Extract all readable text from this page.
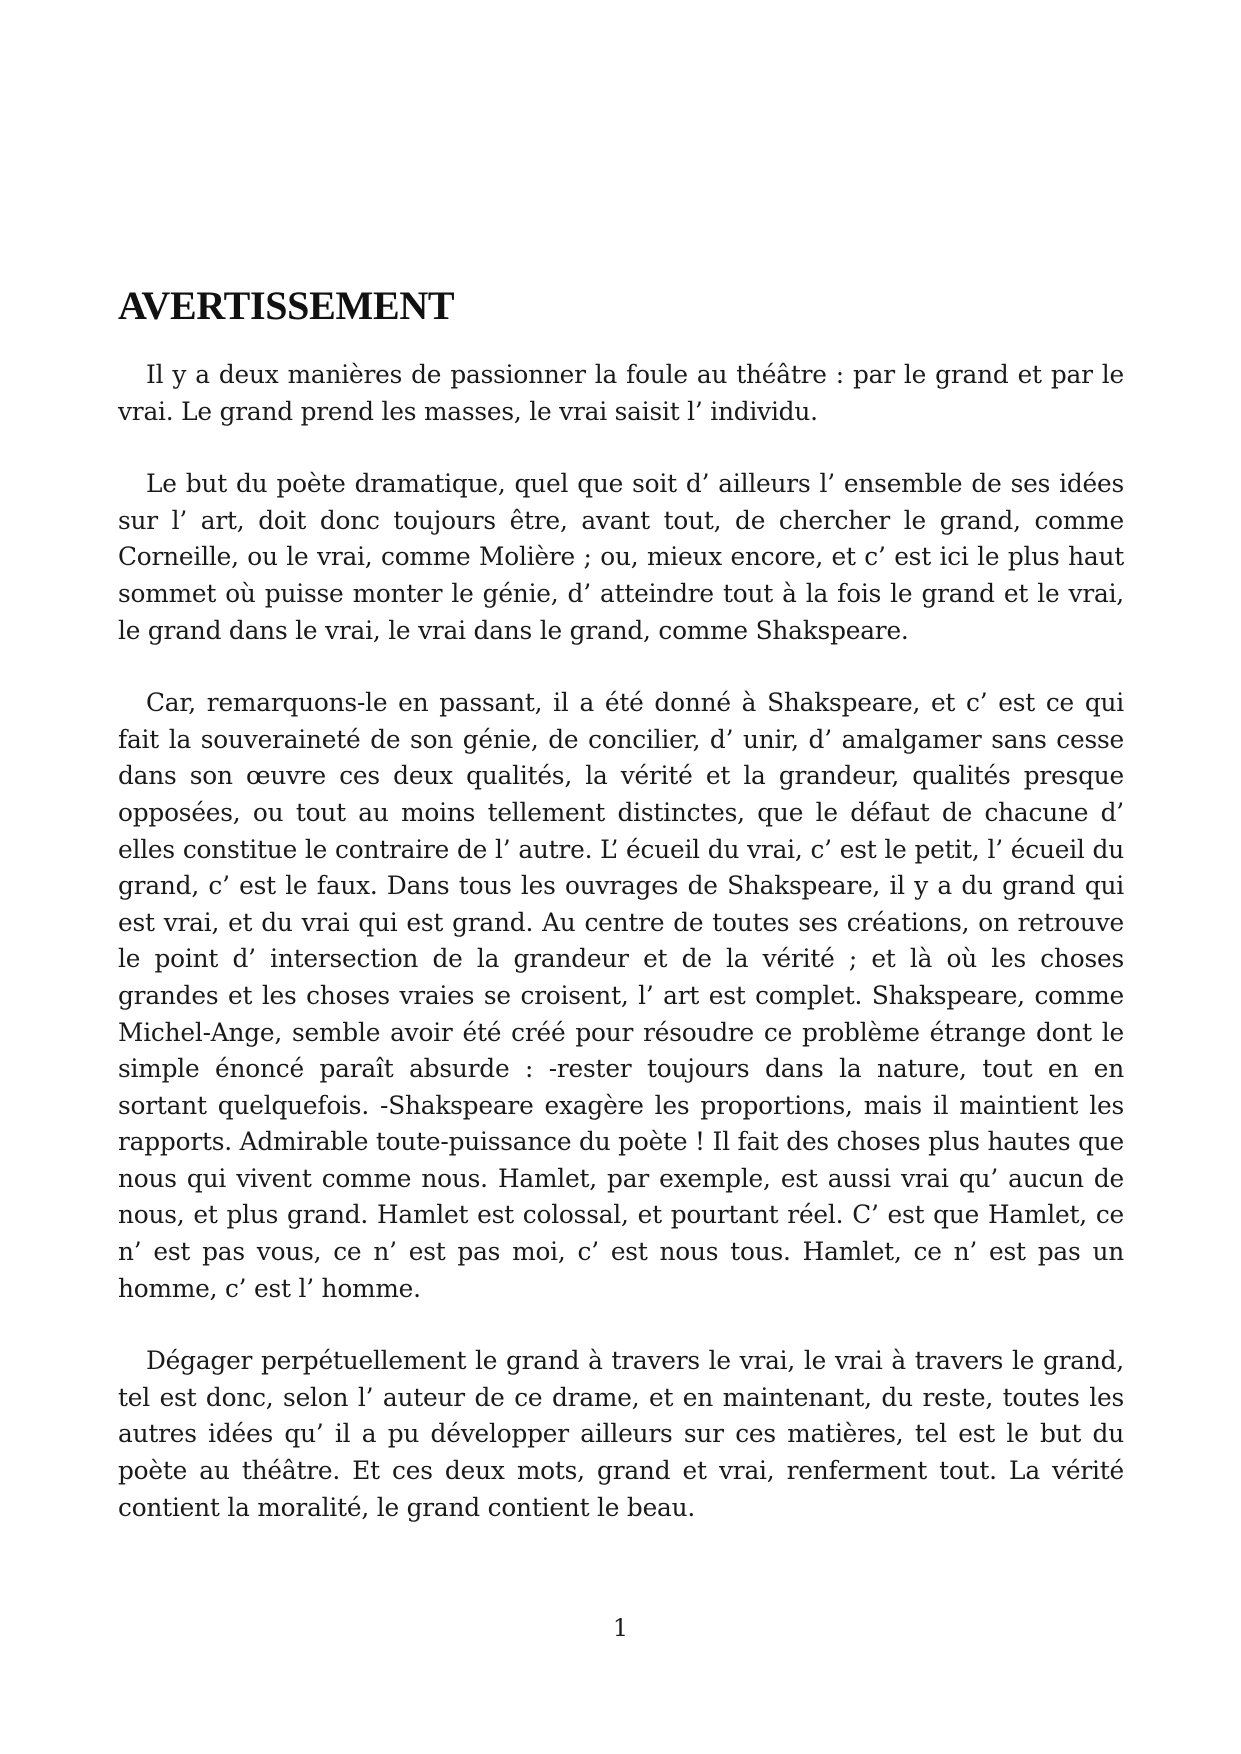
AVERTISSEMENT

Il y a deux manières de passionner la foule au théâtre : par le grand et par le vrai. Le grand prend les masses, le vrai saisit l’ individu.

Le but du poète dramatique, quel que soit d’ ailleurs l’ ensemble de ses idées sur l’ art, doit donc toujours être, avant tout, de chercher le grand, comme Corneille, ou le vrai, comme Molière ; ou, mieux encore, et c’ est ici le plus haut sommet où puisse monter le génie, d’ atteindre tout à la fois le grand et le vrai, le grand dans le vrai, le vrai dans le grand, comme Shakspeare.

Car, remarquons-le en passant, il a été donné à Shakspeare, et c’ est ce qui fait la souveraineté de son génie, de concilier, d’ unir, d’ amalgamer sans cesse dans son œuvre ces deux qualités, la vérité et la grandeur, qualités presque opposées, ou tout au moins tellement distinctes, que le défaut de chacune d’ elles constitue le contraire de l’ autre. L’ écueil du vrai, c’ est le petit, l’ écueil du grand, c’ est le faux. Dans tous les ouvrages de Shakspeare, il y a du grand qui est vrai, et du vrai qui est grand. Au centre de toutes ses créations, on retrouve le point d’ intersection de la grandeur et de la vérité ; et là où les choses grandes et les choses vraies se croisent, l’ art est complet. Shakspeare, comme Michel-Ange, semble avoir été créé pour résoudre ce problème étrange dont le simple énoncé paraît absurde : -rester toujours dans la nature, tout en en sortant quelquefois. -Shakspeare exagère les proportions, mais il maintient les rapports. Admirable toute-puissance du poète ! Il fait des choses plus hautes que nous qui vivent comme nous. Hamlet, par exemple, est aussi vrai qu’ aucun de nous, et plus grand. Hamlet est colossal, et pourtant réel. C’ est que Hamlet, ce n’ est pas vous, ce n’ est pas moi, c’ est nous tous. Hamlet, ce n’ est pas un homme, c’ est l’ homme.

Dégager perpétuellement le grand à travers le vrai, le vrai à travers le grand, tel est donc, selon l’ auteur de ce drame, et en maintenant, du reste, toutes les autres idées qu’ il a pu développer ailleurs sur ces matières, tel est le but du poète au théâtre. Et ces deux mots, grand et vrai, renferment tout. La vérité contient la moralité, le grand contient le beau.

1
